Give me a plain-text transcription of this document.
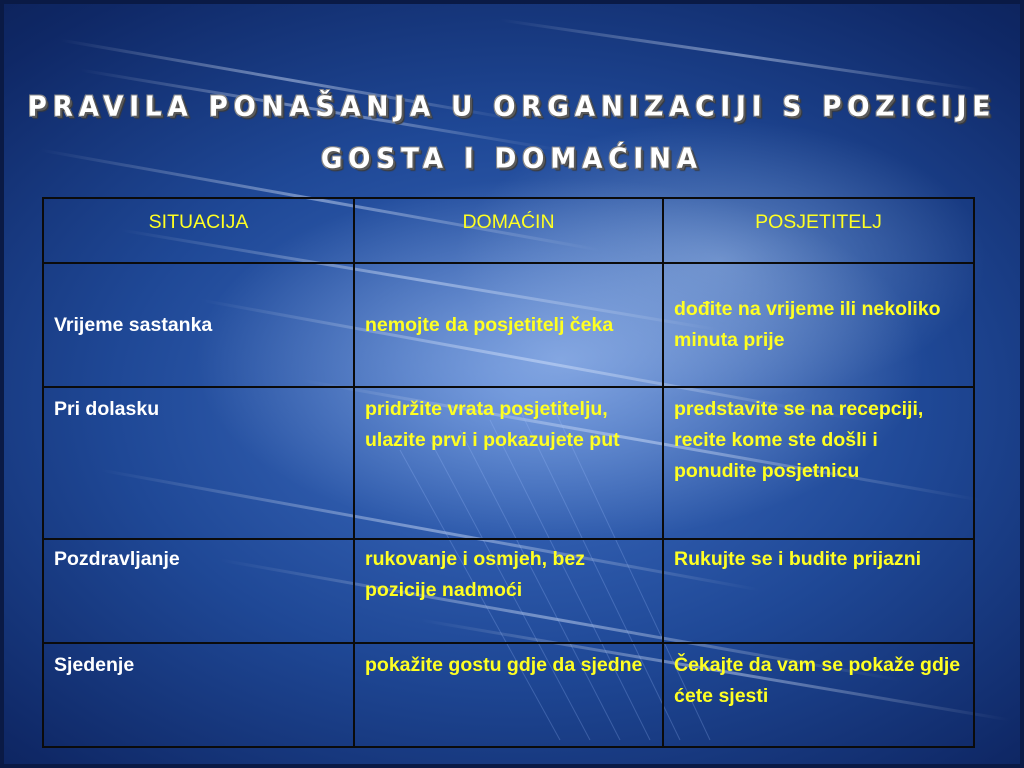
PRAVILA PONAŠANJA U ORGANIZACIJI S POZICIJE
GOSTA I DOMAĆINA
SITUACIJA	DOMAĆIN	POSJETITELJ
Vrijeme sastanka	nemojte da posjetitelj čeka	dođite na vrijeme ili nekoliko minuta prije
Pri dolasku	pridržite vrata posjetitelju, ulazite prvi i pokazujete put	predstavite se na recepciji, recite kome ste došli i ponudite posjetnicu
Pozdravljanje	rukovanje i osmjeh, bez pozicije nadmoći	Rukujte se i budite prijazni
Sjedenje	pokažite gostu gdje da sjedne	Čekajte da vam se pokaže gdje ćete sjesti
